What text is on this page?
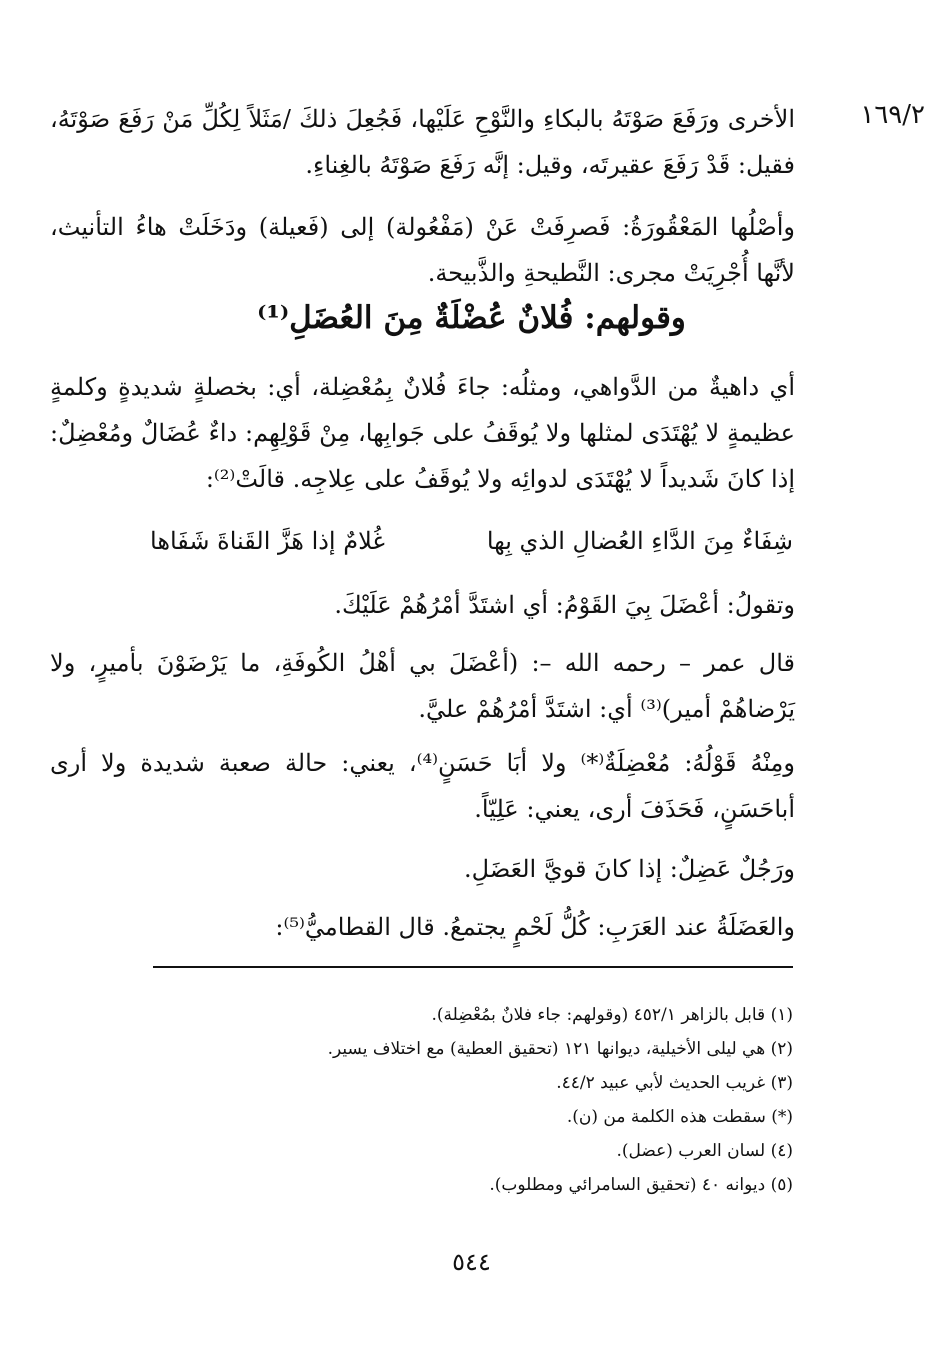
١٦٩/٢

الأخرى ورَفَعَ صَوْتَهُ بالبكاءِ والنَّوْحِ عَلَيْها، فَجُعِلَ ذلكَ /مَثَلاً لِكُلِّ مَنْ رَفَعَ صَوْتَهُ، فقيل: قَدْ رَفَعَ عقيرتَه، وقيل: إنَّه رَفَعَ صَوْتَهُ بالغِناءِ.

وأصْلُها المَعْقُورَةُ: فَصرِفَتْ عَنْ (مَفْعُولة) إلى (فَعيلة) ودَخَلَتْ هاءُ التأنيث، لأنَّها أُجْرِيَتْ مجرى: النَّطيحةِ والذَّبيحة.

وقولهم: فُلانٌ عُضْلَةٌ مِنَ العُضَلِ⁽¹⁾

أي داهيةٌ من الدَّواهي، ومثلُه: جاءَ فُلانٌ بِمُعْضِلة، أي: بخصلةٍ شديدةٍ وكلمةٍ عظيمةٍ لا يُهْتَدَى لمثلها ولا يُوقَفُ على جَوابِها، مِنْ قَوْلِهِم: داءٌ عُضَالٌ ومُعْضِلٌ: إذا كانَ شَديداً لا يُهْتَدَى لدوائِه ولا يُوقَفُ على عِلاجِه. قالَتْ⁽²⁾:

شِفَاءٌ مِنَ الدَّاءِ العُضالِ الذي بِها
غُلامٌ إذا هَزَّ القَناةَ شَفَاها

وتقولُ: أعْضَلَ بِيَ القَوْمُ: أي اشتَدَّ أمْرُهُمْ عَلَيْكَ.

قال عمر – رحمه الله –: (أعْضَلَ بي أهْلُ الكُوفَةِ، ما يَرْضَوْنَ بأميرٍ، ولا يَرْضاهُمْ أمير)⁽³⁾ أي: اشتَدَّ أمْرُهُمْ عليَّ.

ومِنْهُ قَوْلُهُ: مُعْضِلَةٌ⁽*⁾ ولا أبَا حَسَنٍ⁽⁴⁾، يعني: حالة صعبة شديدة ولا أرى أباحَسَنٍ، فَحَذَفَ أرى، يعني: عَلِيّاً.

ورَجُلٌ عَضِلٌ: إذا كانَ قويَّ العَضَلِ.

والعَضَلَةُ عند العَرَبِ: كُلُّ لَحْمٍ يجتمعُ. قال القطاميُّ⁽⁵⁾:

(١) قابل بالزاهر ٤٥٢/١ (وقولهم: جاء فلانٌ بمُعْضِلة).

(٢) هي ليلى الأخيلية، ديوانها ١٢١ (تحقيق العطية) مع اختلاف يسير.

(٣) غريب الحديث لأبي عبيد ٤٤/٢.

(*) سقطت هذه الكلمة من (ن).

(٤) لسان العرب (عضل).

(٥) ديوانه ٤٠ (تحقيق السامرائي ومطلوب).

٥٤٤
